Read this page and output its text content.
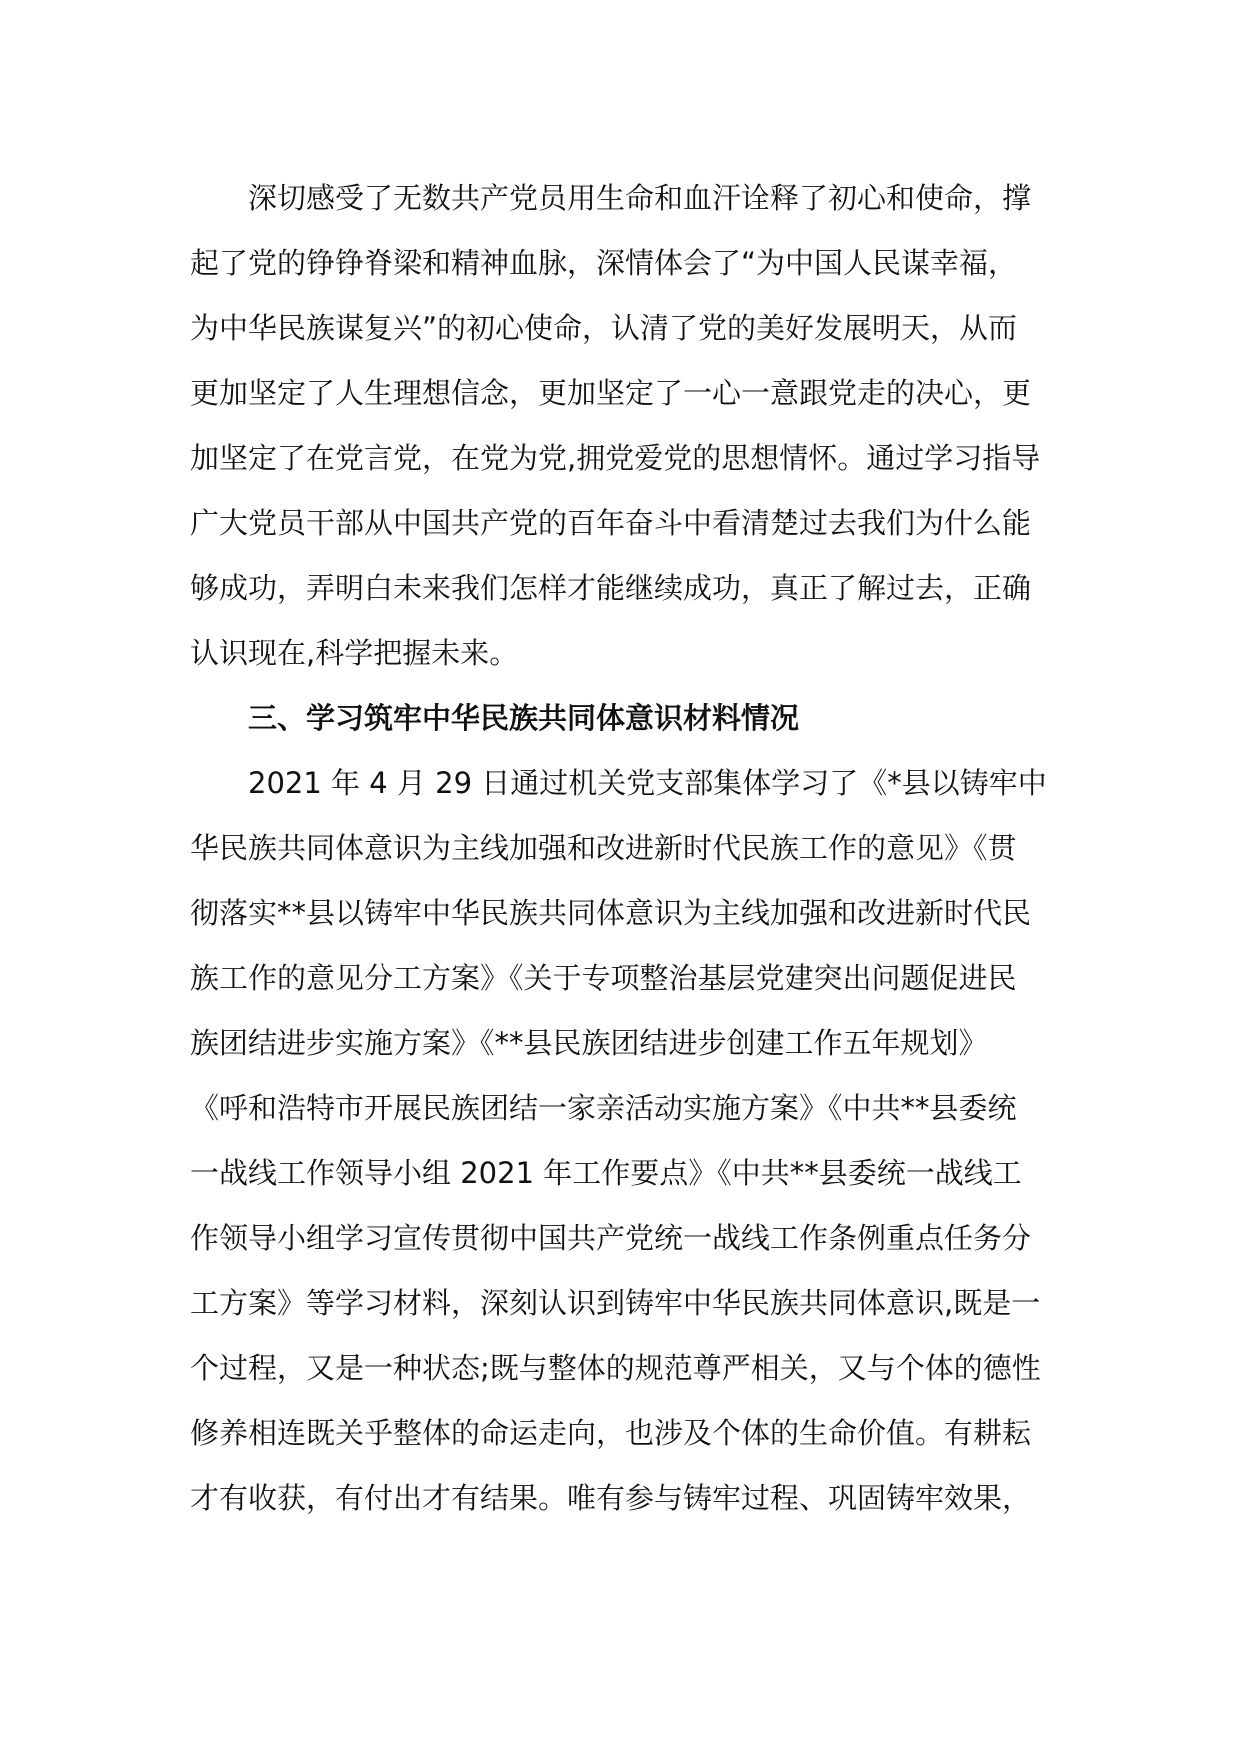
深切感受了无数共产党员用生命和血汗诠释了初心和使命，撑
起了党的铮铮脊梁和精神血脉，深情体会了“为中国人民谋幸福，
为中华民族谋复兴”的初心使命，认清了党的美好发展明天，从而
更加坚定了人生理想信念，更加坚定了一心一意跟党走的决心，更
加坚定了在党言党，在党为党,拥党爱党的思想情怀。通过学习指导
广大党员干部从中国共产党的百年奋斗中看清楚过去我们为什么能
够成功，弄明白未来我们怎样才能继续成功，真正了解过去，正确
认识现在,科学把握未来。
三、学习筑牢中华民族共同体意识材料情况
2021 年 4 月 29 日通过机关党支部集体学习了《*县以铸牢中
华民族共同体意识为主线加强和改进新时代民族工作的意见》《贯
彻落实**县以铸牢中华民族共同体意识为主线加强和改进新时代民
族工作的意见分工方案》《关于专项整治基层党建突出问题促进民
族团结进步实施方案》《**县民族团结进步创建工作五年规划》
《呼和浩特市开展民族团结一家亲活动实施方案》《中共**县委统
一战线工作领导小组 2021 年工作要点》《中共**县委统一战线工
作领导小组学习宣传贯彻中国共产党统一战线工作条例重点任务分
工方案》等学习材料，深刻认识到铸牢中华民族共同体意识,既是一
个过程，又是一种状态;既与整体的规范尊严相关，又与个体的德性
修养相连既关乎整体的命运走向，也涉及个体的生命价值。有耕耘
才有收获，有付出才有结果。唯有参与铸牢过程、巩固铸牢效果，
